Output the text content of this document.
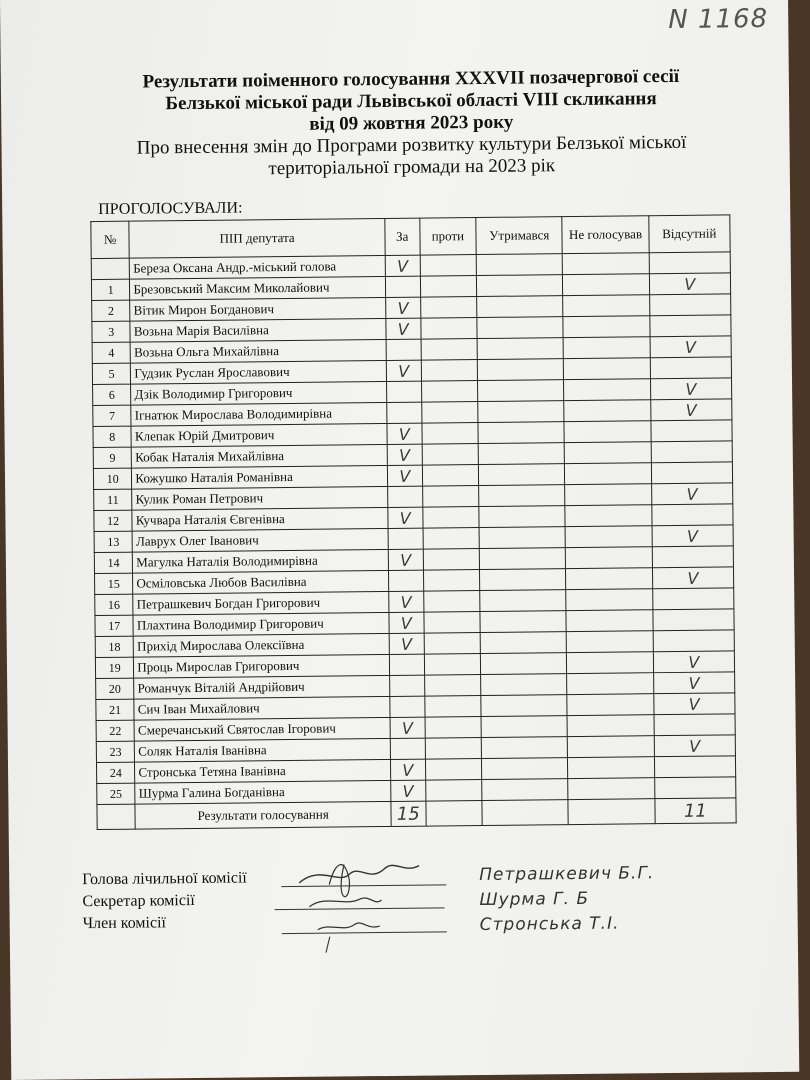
N 1168
Результати поіменного голосування XXXVII позачергової сесії
Белзької міської ради Львівської області VIII скликання
від 09 жовтня 2023 року
Про внесення змін до Програми розвитку культури Белзької міської
територіальної громади на 2023 рік
ПРОГОЛОСУВАЛИ:
№	ПІП депутата	За	проти	Утримався	Не голосував	Відсутній
	Береза Оксана Андр.-міський голова	V				
1	Брезовський Максим Миколайович					V
2	Вітик Мирон Богданович	V				
3	Возьна Марія Василівна	V				
4	Возьна Ольга Михайлівна					V
5	Гудзик Руслан Ярославович	V				
6	Дзік Володимир Григорович					V
7	Ігнатюк Мирослава Володимирівна					V
8	Клепак Юрій Дмитрович	V				
9	Кобак Наталія Михайлівна	V				
10	Кожушко Наталія Романівна	V				
11	Кулик Роман Петрович					V
12	Кучвара Наталія Євгенівна	V				
13	Лаврух Олег Іванович					V
14	Магулка Наталія Володимирівна	V				
15	Осміловська Любов Василівна					V
16	Петрашкевич Богдан Григорович	V				
17	Плахтина Володимир Григорович	V				
18	Прихід Мирослава Олексіївна	V				
19	Проць Мирослав Григорович					V
20	Романчук Віталій Андрійович					V
21	Сич Іван Михайлович					V
22	Смеречанський Святослав Ігорович	V				
23	Соляк Наталія Іванівна					V
24	Стронська Тетяна Іванівна	V				
25	Шурма Галина Богданівна	V				
	Результати голосування	15				11
Голова лічильної комісії
Секретар комісії
Член комісії
Петрашкевич Б.Г.
Шурма Г. Б
Стронська Т.І.
